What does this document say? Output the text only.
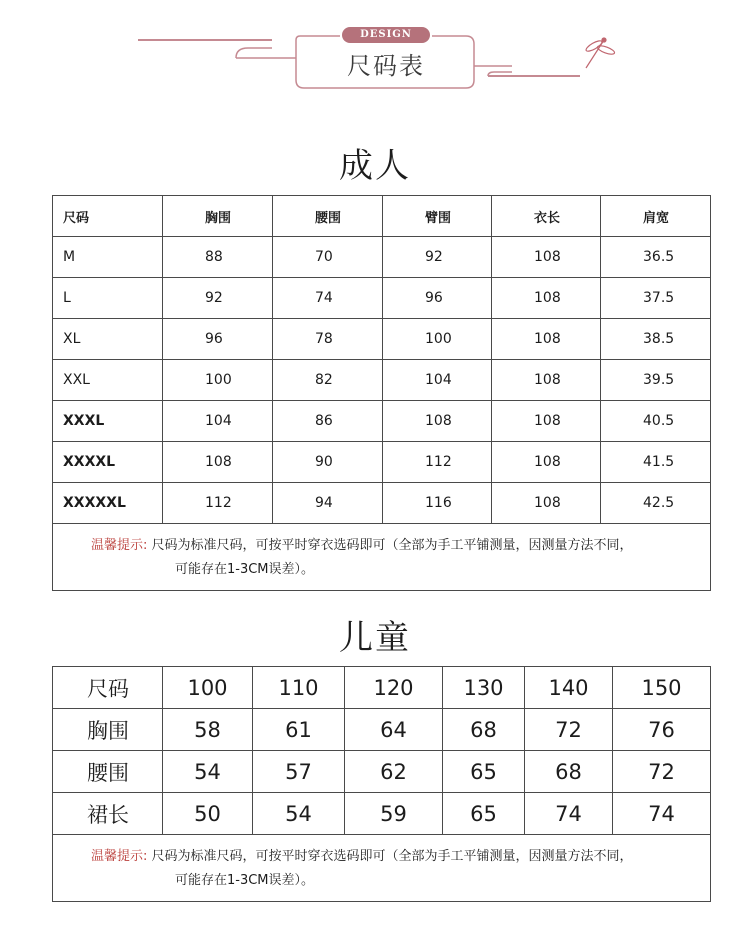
DESIGN
尺码表
成人
尺码	胸围	腰围	臂围	衣长	肩宽
M	88	70	92	108	36.5
L	92	74	96	108	37.5
XL	96	78	100	108	38.5
XXL	100	82	104	108	39.5
XXXL	104	86	108	108	40.5
XXXXL	108	90	112	108	41.5
XXXXXL	112	94	116	108	42.5
温馨提示: 尺码为标准尺码，可按平时穿衣选码即可（全部为手工平铺测量，因测量方法不同，
可能存在1-3CM误差）。					
儿童
尺码	100	110	120	130	140	150
胸围	58	61	64	68	72	76
腰围	54	57	62	65	68	72
裙长	50	54	59	65	74	74
温馨提示: 尺码为标准尺码，可按平时穿衣选码即可（全部为手工平铺测量，因测量方法不同，
可能存在1-3CM误差）。						
